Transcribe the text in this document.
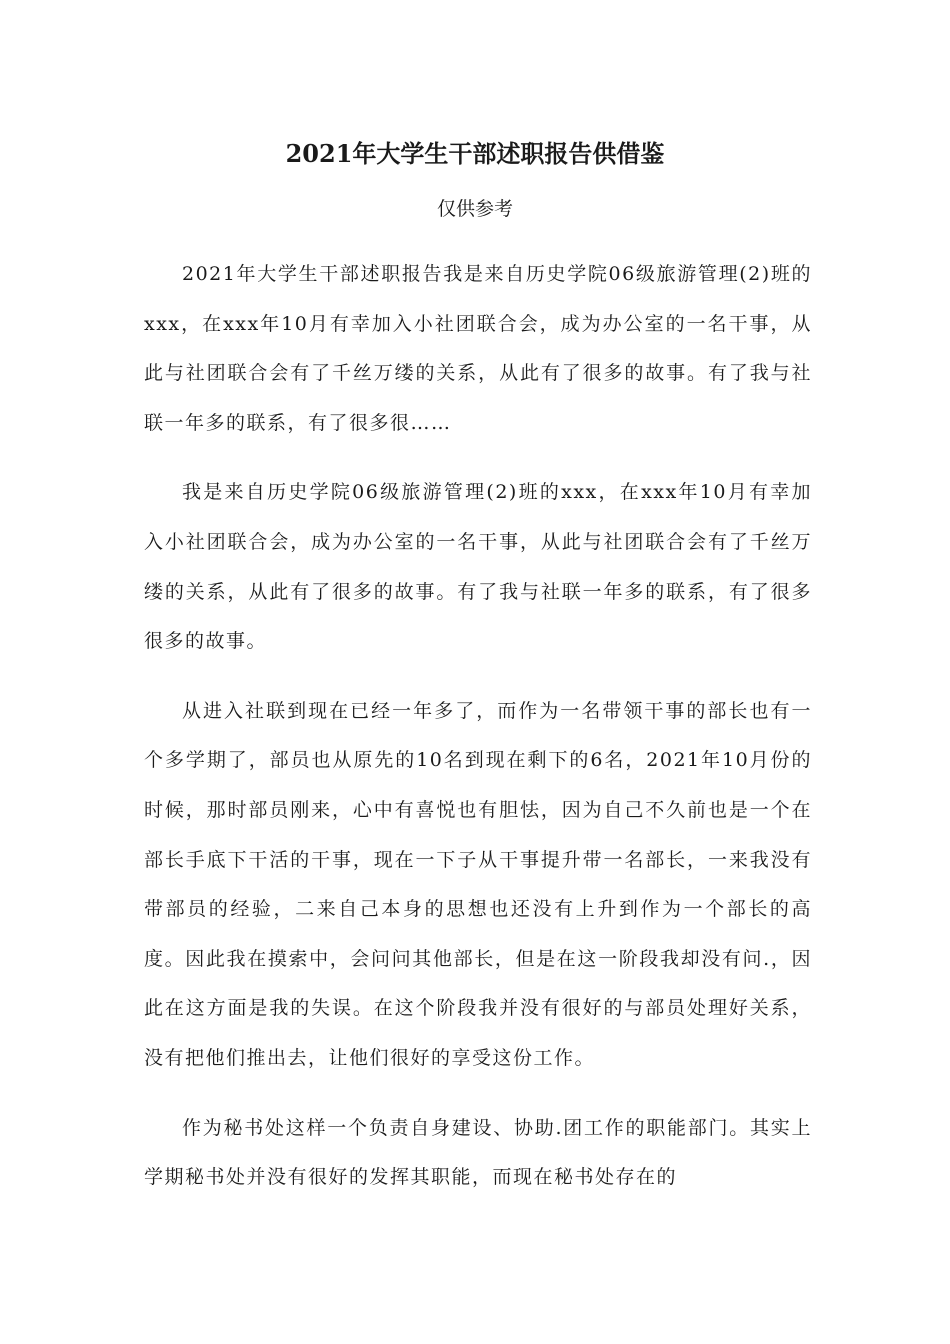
2021年大学生干部述职报告供借鉴
仅供参考

2021年大学生干部述职报告我是来自历史学院06级旅游管理(2)班的xxx，在xxx年10月有幸加入小社团联合会，成为办公室的一名干事，从此与社团联合会有了千丝万缕的关系，从此有了很多的故事。有了我与社联一年多的联系，有了很多很……

我是来自历史学院06级旅游管理(2)班的xxx，在xxx年10月有幸加入小社团联合会，成为办公室的一名干事，从此与社团联合会有了千丝万缕的关系，从此有了很多的故事。有了我与社联一年多的联系，有了很多很多的故事。

从进入社联到现在已经一年多了，而作为一名带领干事的部长也有一个多学期了，部员也从原先的10名到现在剩下的6名，2021年10月份的时候，那时部员刚来，心中有喜悦也有胆怯，因为自己不久前也是一个在部长手底下干活的干事，现在一下子从干事提升带一名部长，一来我没有带部员的经验，二来自己本身的思想也还没有上升到作为一个部长的高度。因此我在摸索中，会问问其他部长，但是在这一阶段我却没有问.，因此在这方面是我的失误。在这个阶段我并没有很好的与部员处理好关系，没有把他们推出去，让他们很好的享受这份工作。

作为秘书处这样一个负责自身建设、协助.团工作的职能部门。其实上学期秘书处并没有很好的发挥其职能，而现在秘书处存在的
